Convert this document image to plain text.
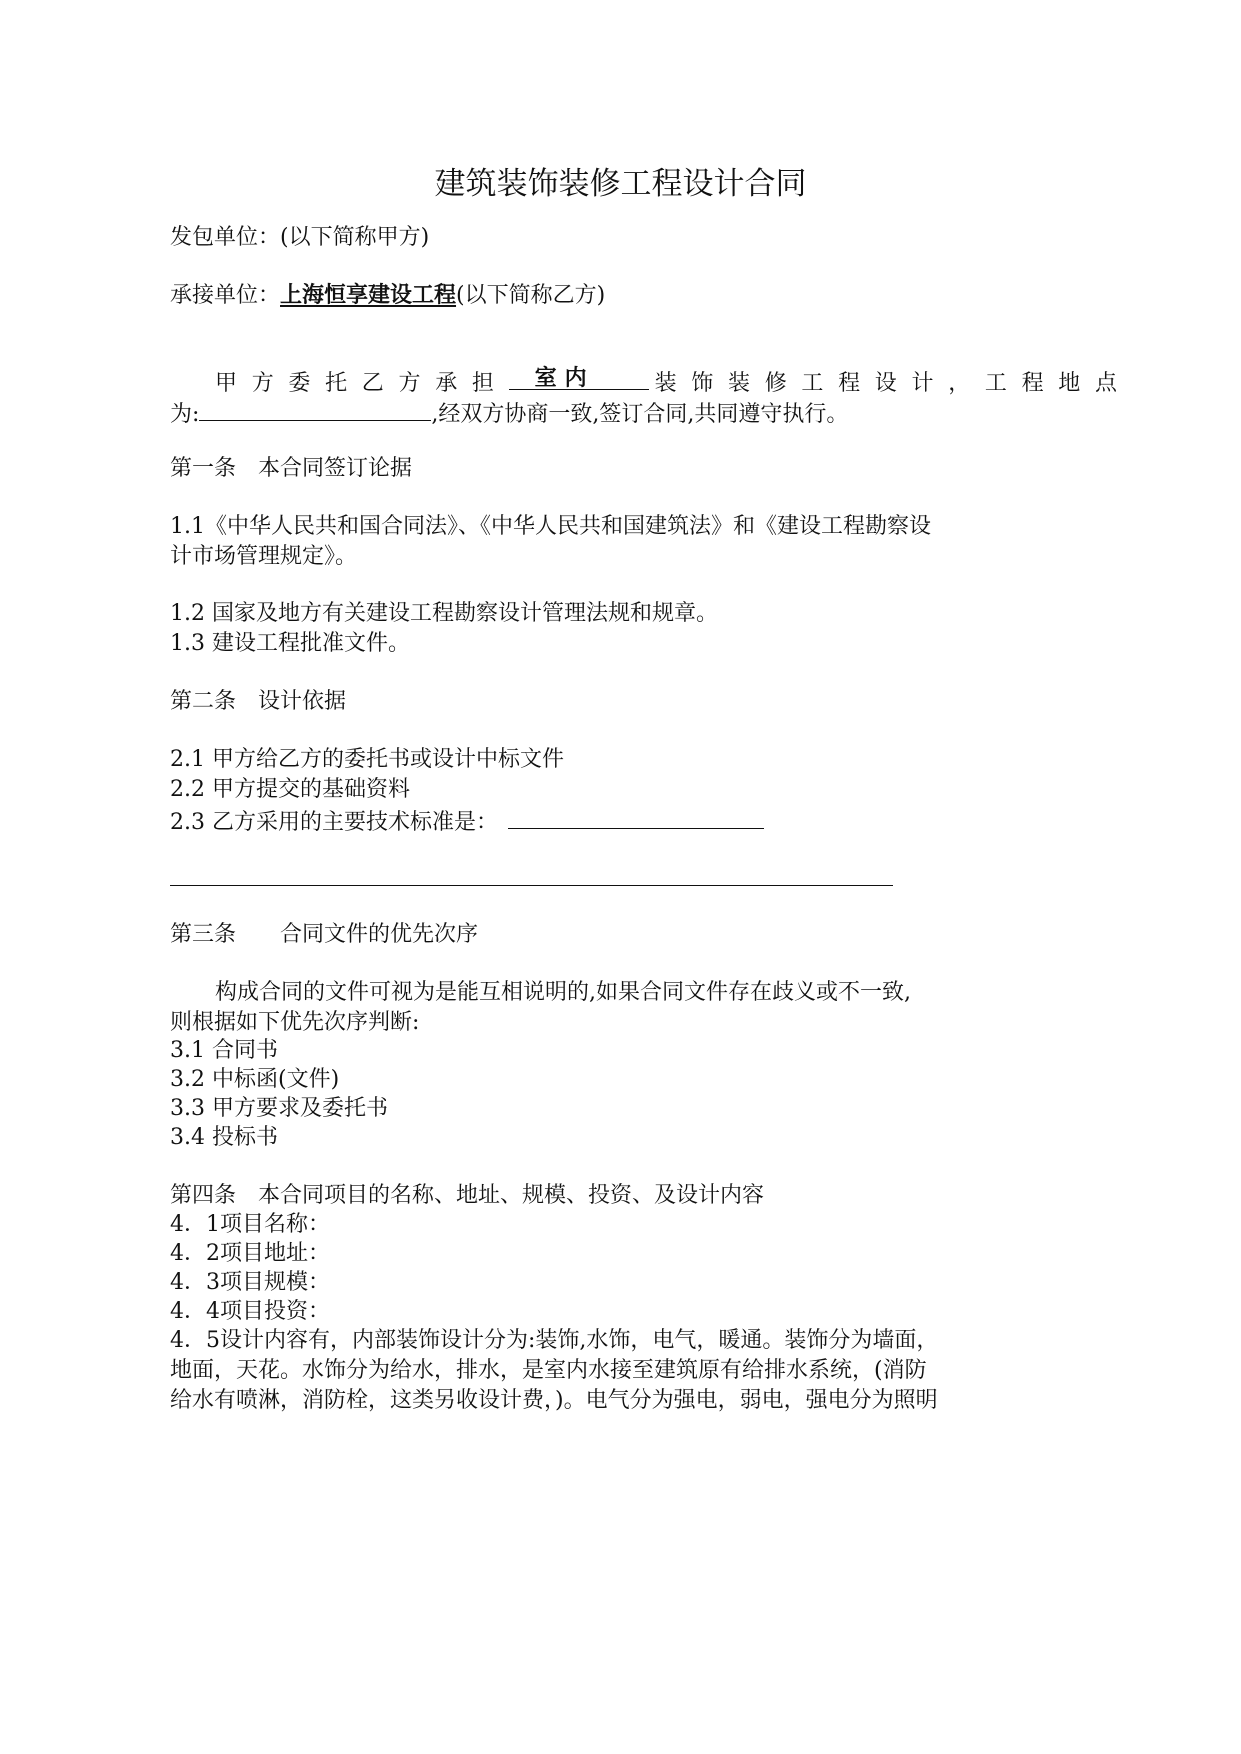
建筑装饰装修工程设计合同
发包单位：(以下简称甲方)
承接单位：上海恒享建设工程(以下简称乙方)
甲方委托乙方承担 室内	装饰装修工程设计，工程地点
为:	,经双方协商一致,签订合同,共同遵守执行。
第一条　本合同签订论据
1.1《中华人民共和国合同法》、《中华人民共和国建筑法》和《建设工程勘察设
计市场管理规定》。
1.2 国家及地方有关建设工程勘察设计管理法规和规章。
1.3 建设工程批准文件。
第二条　设计依据
2.1 甲方给乙方的委托书或设计中标文件
2.2 甲方提交的基础资料
2.3 乙方采用的主要技术标准是：
第三条　　合同文件的优先次序
构成合同的文件可视为是能互相说明的,如果合同文件存在歧义或不一致,
则根据如下优先次序判断:
3.1 合同书
3.2 中标函(文件)
3.3 甲方要求及委托书
3.4 投标书
第四条　本合同项目的名称、地址、规模、投资、及设计内容
4．1项目名称：
4．2项目地址：
4．3项目规模：
4．4项目投资：
4．5设计内容有，内部装饰设计分为:装饰,水饰，电气，暖通。装饰分为墙面，
地面，天花。水饰分为给水，排水，是室内水接至建筑原有给排水系统，(消防
给水有喷淋，消防栓，这类另收设计费，)。电气分为强电，弱电，强电分为照明
